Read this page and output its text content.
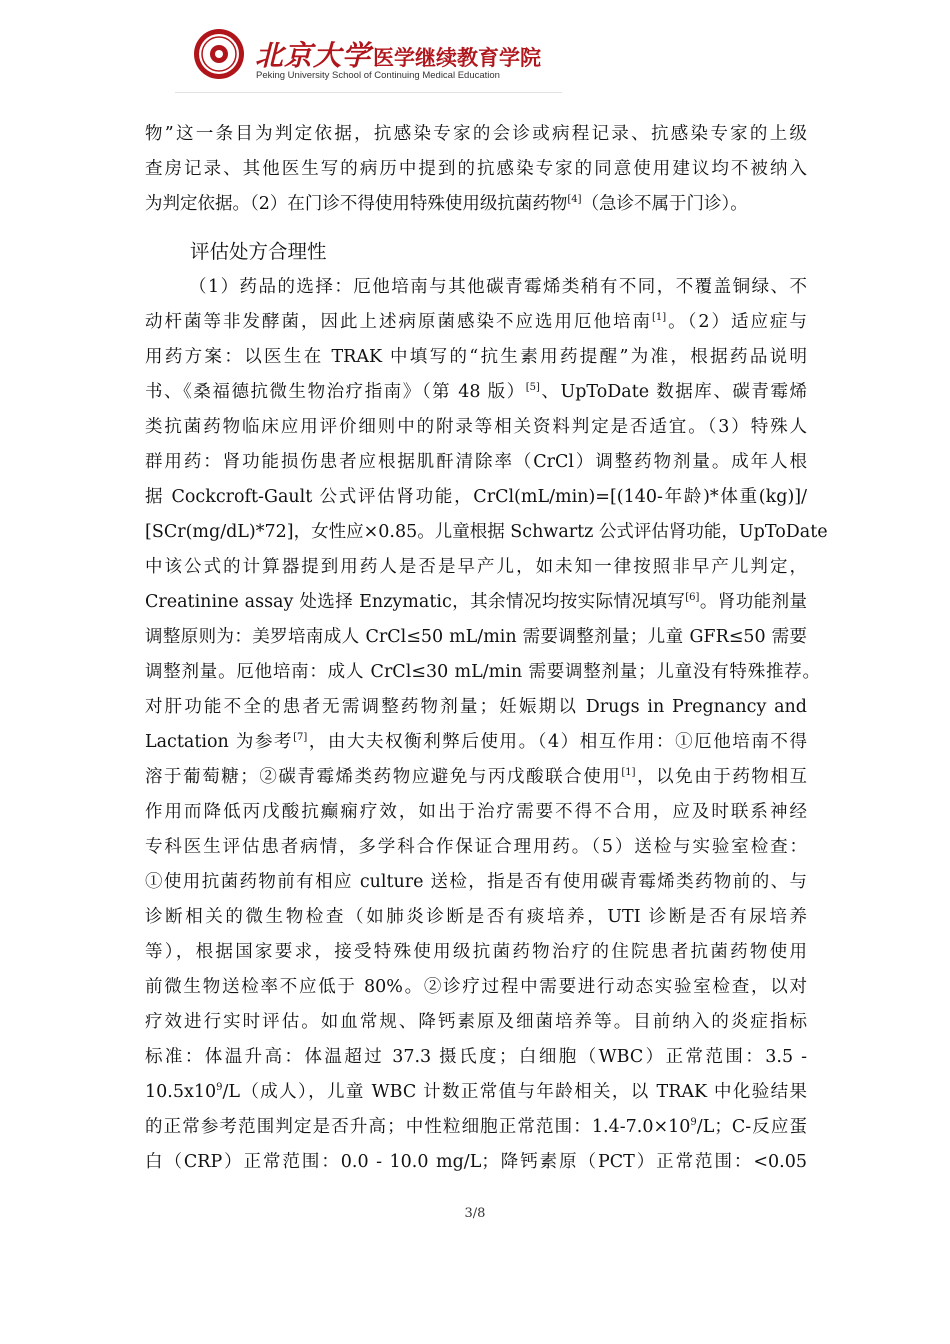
北京大学医学继续教育学院
Peking University School of Continuing Medical Education
物”这一条目为判定依据，抗感染专家的会诊或病程记录、抗感染专家的上级
查房记录、其他医生写的病历中提到的抗感染专家的同意使用建议均不被纳入
为判定依据。（2）在门诊不得使用特殊使用级抗菌药物[4]（急诊不属于门诊）。
评估处方合理性
（1）药品的选择：厄他培南与其他碳青霉烯类稍有不同，不覆盖铜绿、不
动杆菌等非发酵菌，因此上述病原菌感染不应选用厄他培南[1]。（2）适应症与
用药方案：以医生在 TRAK 中填写的“抗生素用药提醒”为准，根据药品说明
书、《桑福德抗微生物治疗指南》（第 48 版）[5]、UpToDate 数据库、碳青霉烯
类抗菌药物临床应用评价细则中的附录等相关资料判定是否适宜。（3）特殊人
群用药：肾功能损伤患者应根据肌酐清除率（CrCl）调整药物剂量。成年人根
据 Cockcroft-Gault 公式评估肾功能，CrCl(mL/min)=[(140-年龄)*体重(kg)]/
[SCr(mg/dL)*72]，女性应×0.85。儿童根据 Schwartz 公式评估肾功能，UpToDate
中该公式的计算器提到用药人是否是早产儿，如未知一律按照非早产儿判定，
Creatinine assay 处选择 Enzymatic，其余情况均按实际情况填写[6]。肾功能剂量
调整原则为：美罗培南成人 CrCl≤50 mL/min 需要调整剂量；儿童 GFR≤50 需要
调整剂量。厄他培南：成人 CrCl≤30 mL/min 需要调整剂量；儿童没有特殊推荐。
对肝功能不全的患者无需调整药物剂量；妊娠期以 Drugs in Pregnancy and
Lactation 为参考[7]，由大夫权衡利弊后使用。（4）相互作用：①厄他培南不得
溶于葡萄糖；②碳青霉烯类药物应避免与丙戊酸联合使用[1]，以免由于药物相互
作用而降低丙戊酸抗癫痫疗效，如出于治疗需要不得不合用，应及时联系神经
专科医生评估患者病情，多学科合作保证合理用药。（5）送检与实验室检查：
①使用抗菌药物前有相应 culture 送检，指是否有使用碳青霉烯类药物前的、与
诊断相关的微生物检查（如肺炎诊断是否有痰培养，UTI 诊断是否有尿培养
等），根据国家要求，接受特殊使用级抗菌药物治疗的住院患者抗菌药物使用
前微生物送检率不应低于 80%。②诊疗过程中需要进行动态实验室检查，以对
疗效进行实时评估。如血常规、降钙素原及细菌培养等。目前纳入的炎症指标
标准：体温升高：体温超过 37.3 摄氏度；白细胞（WBC）正常范围：3.5 -
$10.5x10^9/L$（成人），儿童 WBC 计数正常值与年龄相关，以 TRAK 中化验结果
的正常参考范围判定是否升高；中性粒细胞正常范围：$1.4-7.0\times 10^9/L$；C-反应蛋
白（CRP）正常范围：0.0 - 10.0 mg/L；降钙素原（PCT）正常范围：<0.05
3/8
